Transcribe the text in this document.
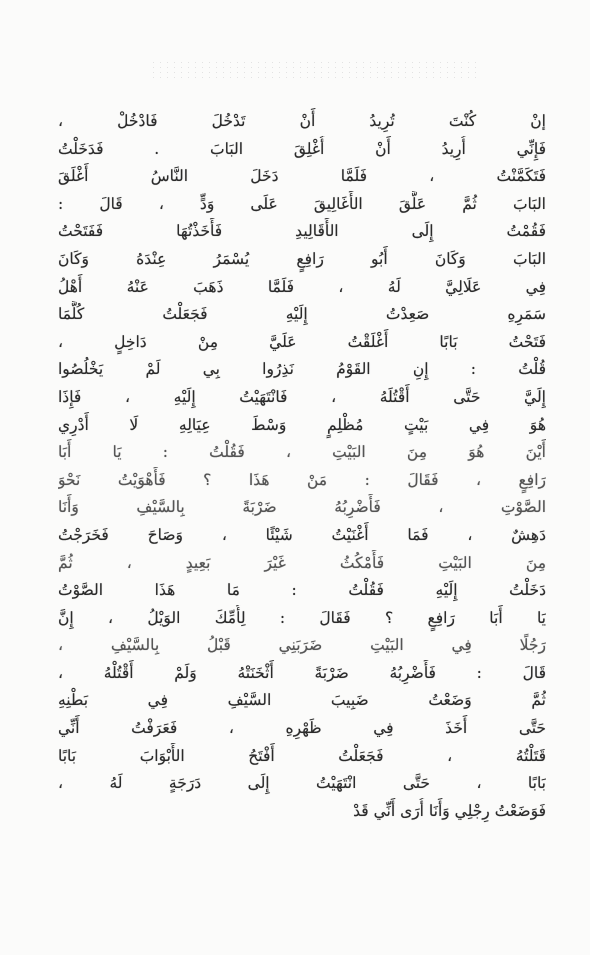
إنْ كُنْتَ تُرِيدُ أَنْ تَدْخُلَ فَادْخُلْ ،
فَإِنِّي أُرِيدُ أَنْ أُغْلِقَ البَابَ . فَدَخَلْتُ
فَتَكَمَّنْتُ ، فَلَمَّا دَخَلَ النَّاسُ أَغْلَقَ
البَابَ ثُمَّ عَلَّقَ الأَغَالِيقَ عَلَى وَدٍّ ، قَالَ :
فَقُمْتُ إِلَى الأَقَالِيدِ فَأَخَذْتُهَا فَفَتَحْتُ
البَابَ وَكَانَ أَبُو رَافِعٍ يُسْمَرُ عِنْدَهُ وَكَانَ
فِي عَلَالِيَّ لَهُ ، فَلَمَّا ذَهَبَ عَنْهُ أَهْلُ
سَمَرِهِ صَعِدْتُ إِلَيْهِ فَجَعَلْتُ كُلَّمَا
فَتَحْتُ بَابًا أَغْلَقْتُ عَلَيَّ مِنْ دَاخِلٍ ،
قُلْتُ : إِنِ القَوْمُ نَذِرُوا بِي لَمْ يَخْلُصُوا
إِلَيَّ حَتَّى أَقْتُلَهُ ، فَانْتَهَيْتُ إِلَيْهِ ، فَإِذَا
هُوَ فِي بَيْتٍ مُظْلِمٍ وَسْطَ عِيَالِهِ لَا أَدْرِي
أَيْنَ هُوَ مِنَ البَيْتِ ، فَقُلْتُ : يَا أَبَا
رَافِعٍ ، فَقَالَ : مَنْ هَذَا ؟ فَأَهْوَيْتُ نَحْوَ
الصَّوْتِ ، فَأَضْرِبُهُ ضَرْبَةً بِالسَّيْفِ وَأَنَا
دَهِشٌ ، فَمَا أَغْنَيْتُ شَيْئًا ، وَصَاحَ فَخَرَجْتُ
مِنَ البَيْتِ فَأَمْكُثُ غَيْرَ بَعِيدٍ ، ثُمَّ
دَخَلْتُ إِلَيْهِ فَقُلْتُ : مَا هَذَا الصَّوْتُ
يَا أَبَا رَافِعٍ ؟ فَقَالَ : لِأُمِّكَ الوَيْلُ ، إِنَّ
رَجُلًا فِي البَيْتِ ضَرَبَنِي قَبْلُ بِالسَّيْفِ ،
قَالَ : فَأَضْرِبُهُ ضَرْبَةً أَثْخَنَتْهُ وَلَمْ أَقْتُلْهُ ،
ثُمَّ وَضَعْتُ ضَبِيبَ السَّيْفِ فِي بَطْنِهِ
حَتَّى أَخَذَ فِي ظَهْرِهِ ، فَعَرَفْتُ أَنِّي
قَتَلْتُهُ ، فَجَعَلْتُ أَفْتَحُ الأَبْوَابَ بَابًا
بَابًا ، حَتَّى انْتَهَيْتُ إِلَى دَرَجَةٍ لَهُ ،
فَوَضَعْتُ رِجْلِي وَأَنَا أُرَى أَنِّي قَدْ
